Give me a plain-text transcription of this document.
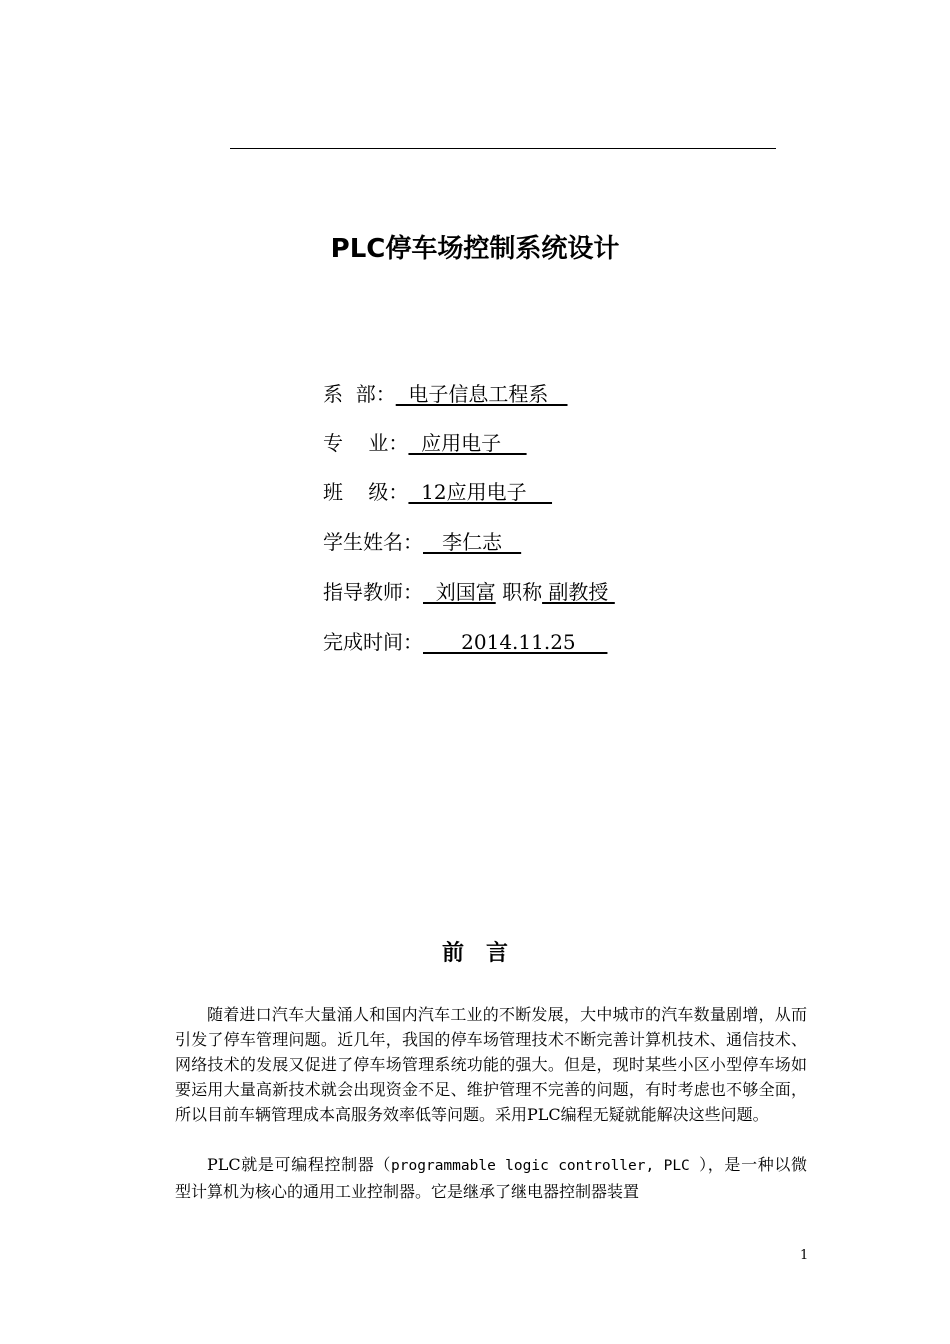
PLC停车场控制系统设计
系  部：  电子信息工程系
专    业：  应用电子
班    级：  12应用电子
学生姓名：   李仁志
指导教师：  刘国富 职称 副教授
完成时间：      2014.11.25
前言
随着进口汽车大量涌人和国内汽车工业的不断发展，大中城市的汽车数量剧增，从而引发了停车管理问题。近几年，我国的停车场管理技术不断完善计算机技术、通信技术、网络技术的发展又促进了停车场管理系统功能的强大。但是，现时某些小区小型停车场如要运用大量高新技术就会出现资金不足、维护管理不完善的问题，有时考虑也不够全面，所以目前车辆管理成本高服务效率低等问题。采用PLC编程无疑就能解决这些问题。
PLC就是可编程控制器（programmable logic controller, PLC ），是一种以微型计算机为核心的通用工业控制器。它是继承了继电器控制器装置
1
